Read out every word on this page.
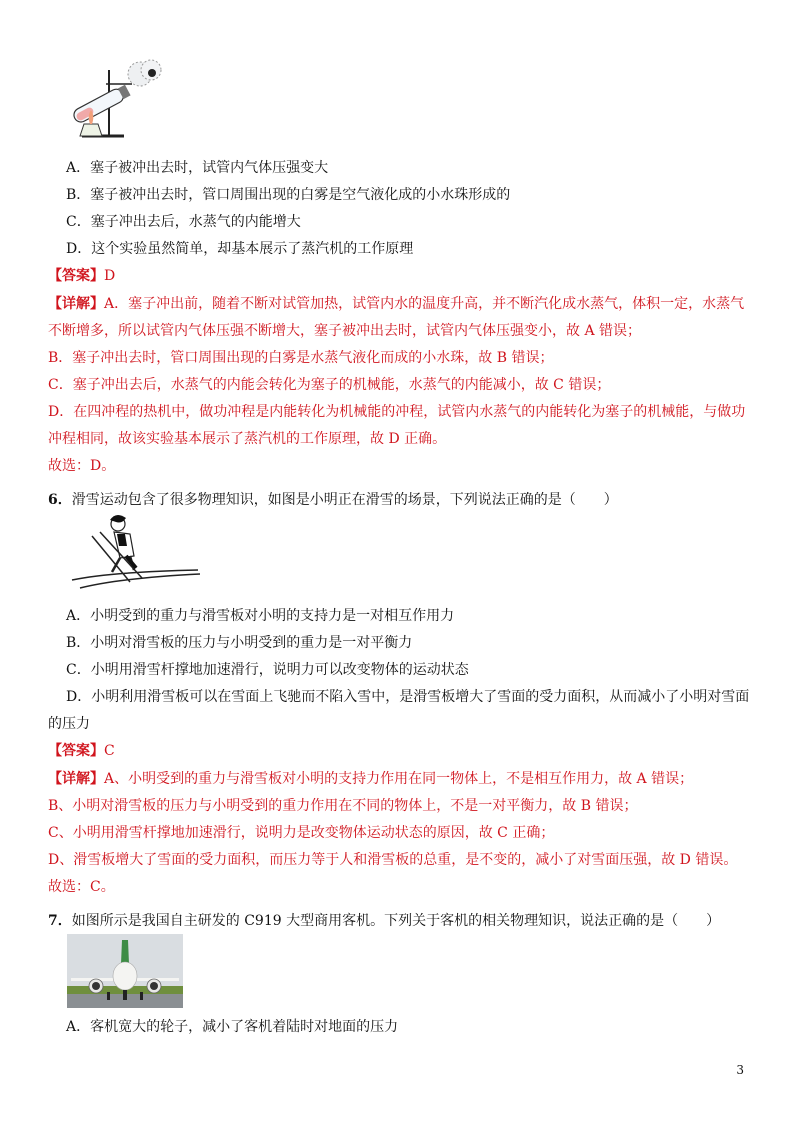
A．塞子被冲出去时，试管内气体压强变大
B．塞子被冲出去时，管口周围出现的白雾是空气液化成的小水珠形成的
C．塞子冲出去后，水蒸气的内能增大
D．这个实验虽然简单，却基本展示了蒸汽机的工作原理
【答案】D
【详解】A．塞子冲出前，随着不断对试管加热，试管内水的温度升高，并不断汽化成水蒸气，体积一定，水蒸气
不断增多，所以试管内气体压强不断增大，塞子被冲出去时，试管内气体压强变小，故 A 错误；
B．塞子冲出去时，管口周围出现的白雾是水蒸气液化而成的小水珠，故 B 错误；
C．塞子冲出去后，水蒸气的内能会转化为塞子的机械能，水蒸气的内能减小，故 C 错误；
D．在四冲程的热机中，做功冲程是内能转化为机械能的冲程，试管内水蒸气的内能转化为塞子的机械能，与做功
冲程相同，故该实验基本展示了蒸汽机的工作原理，故 D 正确。
故选：D。
6．滑雪运动包含了很多物理知识，如图是小明正在滑雪的场景，下列说法正确的是（　　）
A．小明受到的重力与滑雪板对小明的支持力是一对相互作用力
B．小明对滑雪板的压力与小明受到的重力是一对平衡力
C．小明用滑雪杆撑地加速滑行，说明力可以改变物体的运动状态
D．小明利用滑雪板可以在雪面上飞驰而不陷入雪中，是滑雪板增大了雪面的受力面积，从而减小了小明对雪面
的压力
【答案】C
【详解】A、小明受到的重力与滑雪板对小明的支持力作用在同一物体上，不是相互作用力，故 A 错误；
B、小明对滑雪板的压力与小明受到的重力作用在不同的物体上，不是一对平衡力，故 B 错误；
C、小明用滑雪杆撑地加速滑行，说明力是改变物体运动状态的原因，故 C 正确；
D、滑雪板增大了雪面的受力面积，而压力等于人和滑雪板的总重，是不变的，减小了对雪面压强，故 D 错误。
故选：C。
7．如图所示是我国自主研发的 C919 大型商用客机。下列关于客机的相关物理知识，说法正确的是（　　）
A．客机宽大的轮子，减小了客机着陆时对地面的压力
3
